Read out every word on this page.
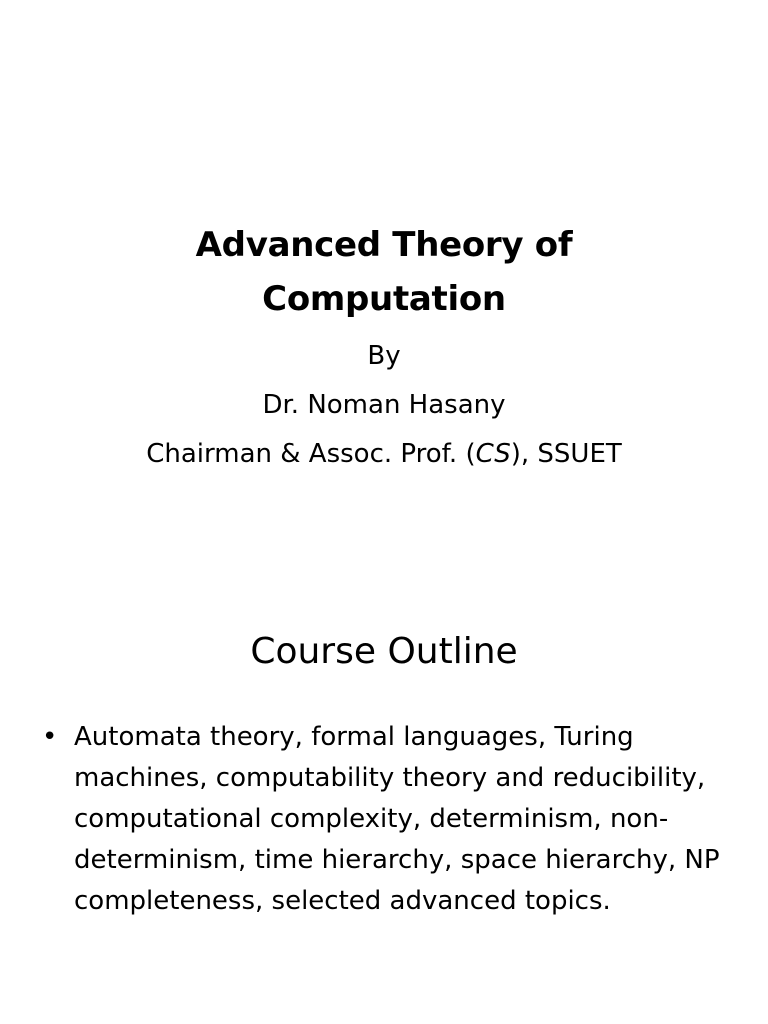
Advanced Theory of
Computation
By
Dr. Noman Hasany
Chairman & Assoc. Prof. (CS), SSUET
Course Outline
• Automata theory, formal languages, Turing machines, computability theory and reducibility, computational complexity, determinism, non-determinism, time hierarchy, space hierarchy, NP completeness, selected advanced topics.
